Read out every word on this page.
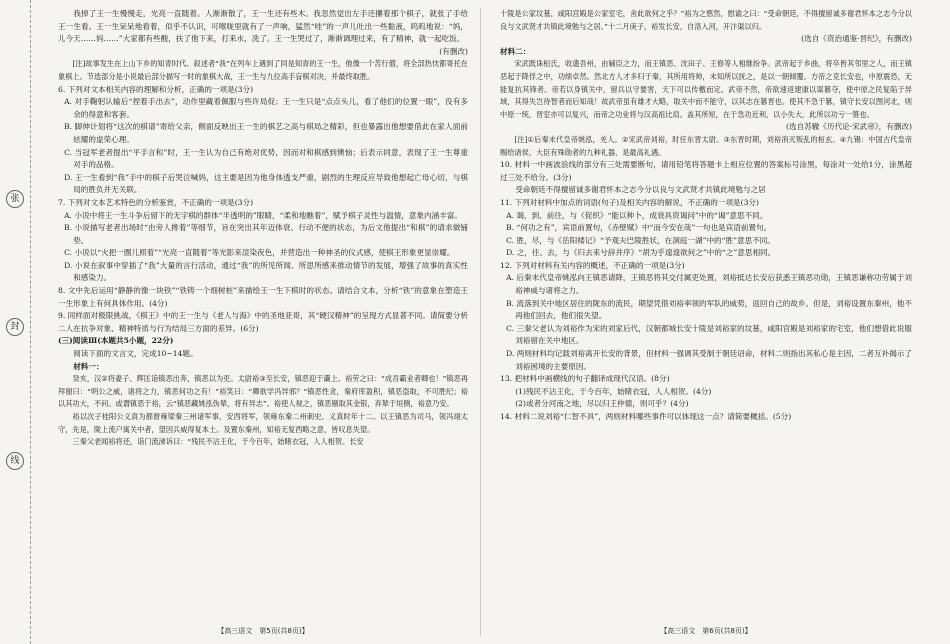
张
封
线

我掉了王一生慢慢走，光亮一直随着。人渐渐散了，王一生还有些木。我忽然觉出左手还攥着那个棋子，就张了手给王一生看。王一生呆呆地看着，似乎不认识，可喉咙里就有了一声响，猛然“哇”的一声儿吐出一些黏液，呜呜地说：“妈，儿今天……妈……”大家都有些酸，扶了他下来，打来水，洗了。王一生哭过了，渐渐调理过来，有了精神，就一起吃饭。

(有删改)

[注]故事发生在上山下乡的知青时代。叙述者“我”在列车上遇到了同是知青的王一生，他像一个苦行僧，将全部热忱都寄托在象棋上。节选部分是小说最后部分描写一时的象棋大战，王一生与九位高手盲棋对决，并最终取胜。

6. 下列对文本相关内容的理解和分析，正确的一项是(3分)

A. 对手鞠躬认输后“捏着手出去”，动作里藏着佩服与些许局促；王一生只是“点点头儿，看了他们的位置一眼”，没有多余的得意和客套。

B. 脚伸计划将“这次的棋谱”寄给父亲，侧面反映出王一生的棋艺之高与棋局之精彩，但也暴露出他想要借此在家人面前炫耀的虚荣心理。

C. 当冠军老者提出“平手言和”时，王一生认为自己有绝对优势，因而对和棋感到懊恼；后表示同意，表现了王一生尊重对手的品格。

D. 王一生看到“我”手中的棋子后哭泣喊妈，这主要是因为他身体透支严重，剧烈的生理反应导致他想起亡母心切，与棋局的胜负并无关联。

7. 下列对文本艺术特色的分析鉴赏，不正确的一项是(3分)

A. 小说中将王一生斗争后留下的无字棋的群体“半透明的”眼睛，“柔和地瞧着”，赋予棋子灵性与温情，意象内涵丰富。

B. 小说描写老者出场时“由旁人搀着”等细节，旨在突出其年迈体衰、行动不便的状态，为后文他提出“和棋”的请求做铺垫。

C. 小说以“火把一圈儿照着”“光亮一直随着”等光影来渲染夜色，并营造出一种神圣的仪式感，使棋王形象更显崇耀。

D. 小说在叙事中穿插了“我”大量的言行活动，通过“我”的所见所闻、所思所感来推动情节的发展，增强了故事的真实性和感染力。

8. 文中先后运用“静静的像一块铁”“铁铸一个细树桩”来描绘王一生下棋时的状态。请结合文本，分析“铁”的意象在塑造王一生形象上有何具体作用。(4分)

9. 同样面对极限挑战，《棋王》中的王一生与《老人与海》中的圣地亚哥，其“硬汉精神”的呈现方式显著不同。请简要分析二人在抗争对象、精神特质与行为结局三方面的差异。(6分)

(三)阅读Ⅲ(本题共5小题，22分)

阅读下面的文言文，完成10~14题。

材料一：

癸亥，汉②将妻子、辉匡诣镇恶出奔，镇恶以为吏。太尉裕③至长安，镇恶迎于灞上。裕劳之曰：“成吾霸业者卿也！”镇恶再拜谢曰：“明公之威，诸将之力，镇恶何功之有！”裕笑曰：“卿欲学冯异邪？”镇恶性贪，秦府库盈积，镇恶盗取，不可胜纪；裕以其功大，不问。或谮镇恶于裕，云“镇恶藏姚泓伪辇，将有异志”。裕使人视之，镇恶剔取其金银，弃辇于垣侧，裕意乃安。

裕以次子桂阳公义真为都督雍梁秦三州诸军事，安西将军，领雍东秦二州刺史。义真时年十二。以王镇恶为司马，领冯翊太守，先是，陇上流户寓关中者，望因兵威得复本土。及置东秦州，知裕无复西略之意，皆叹息失望。

三秦父老闻裕将还，诣门流涕诉曰：“残民不沾王化，于今百年，始睹衣冠，人人相贺。长安

【高三语文　第5页(共8页)】

十陵是公家坟墓，咸阳宫殿是公家室宅，舍此欲何之乎？”裕为之愍然，慰谕之曰：“受命朝廷，不得擅留诚多谢君怀本之志今分以良与文武贤才共镇此境勉与之居。”十二月庚子，裕发长安，自洛入河，开汴渠以归。

(选自《资治通鉴·晋纪》，有删改)

材料二：

宋武既诛桓氏，收遗吾州，由辅臣之力，而王镇恶、沈田子、王修等人相继纷争。武帝起于乡曲，将卒皆其邻里之人，而王镇恶起于降俘之中，功绩卓然。然北方人才多归于秦，其所用将帅，未知所以抚之，是以一朝倾覆。方帝之克长安也，中原震恐，无能复抗其锋者。帝若以身镇关中，留兵以守要害，天下可以传檄而定。武帝不然，帝欲速返建康以谋篡夺，使中原之民复陷于异域，其得失岂待智者而后知哉！故武帝虽有雄才大略，取关中而不能守，以其志在篡晋也。使其不急于篡，镇守长安以图河北，则中原一统，晋室亦可以复兴，而帝之功业将与汉高祖比肩。盖其所短，在于急功近利，以小失大，此所以功亏一篑也。

(选自苏辙《历代论·宋武帝》，有删改)

[注]①后秦末代皇帝姚泓，羌人。②宋武帝刘裕，时任东晋太尉。③东晋时期，刘裕消灭叛乱的桓玄。④九锡：中国古代皇帝赐给诸侯、大臣有殊勋者的九种礼器，是最高礼遇。

10. 材料一中画波浪线的部分有三处需要断句，请用铅笔将答题卡上相应位置的答案标号涂黑，每涂对一处给1分，涂黑超过三处不给分。(3分)

受命朝廷不得擅留诚多谢君怀本之志今分以良与文武贤才共镇此境勉与之居

11. 下列对材料中加点的词语(句子)及相关内容的解说，不正确的一项是(3分)

A. 谒，到、前往，与《促织》“能以种卜，成衰具资谒问”中的“谒”意思不同。

B. “何功之有”，宾语前置句，《赤壁赋》中“而今安在哉”一句也是宾语前置句。

C. 胜，尽，与《岳阳楼记》“予观夫巴陵胜状，在洞庭一湖”中的“胜”意思不同。

D. 之，往、去，与《归去来兮辞并序》“胡为乎遑遑欲何之”中的“之”意思相同。

12. 下列对材料有关内容的概述，不正确的一项是(3分)

A. 后秦末代皇帝姚泓向王镇恶请降，王镇恶将其交付属吏处置，刘裕抵达长安后获悉王镇恶功勋，王镇恶谦称功劳属于刘裕神威与诸将之力。

B. 流落到关中地区居住的陇东的流民，期望凭借刘裕率领的军队的威势，返回自己的故乡。但是，刘裕设置东秦州，他不再他们回去，他们很失望。

C. 三秦父老认为刘裕作为宋的刘家后代，汉朝都城长安十陵是刘裕家的坟墓，咸阳宫殿是刘裕家的宅室，他们想借此说服刘裕留在关中地区。

D. 两则材料均记载刘裕离开长安的背景，但材料一强调其受制于朝廷诏命，材料二则指出其私心是主因，二者互补揭示了刘裕困境的主要原因。

13. 把材料中画横线的句子翻译成现代汉语。(8分)

(1)残民不沾王化，于今百年，始睹衣冠，人人相贺。(4分)

(2)或者分河南之地，尽以归王仲德，则可乎？(4分)

14. 材料二说刘裕“仁智不具”，两则材料哪些事件可以体现这一点？请简要概括。(5分)

【高三语文　第6页(共8页)】
